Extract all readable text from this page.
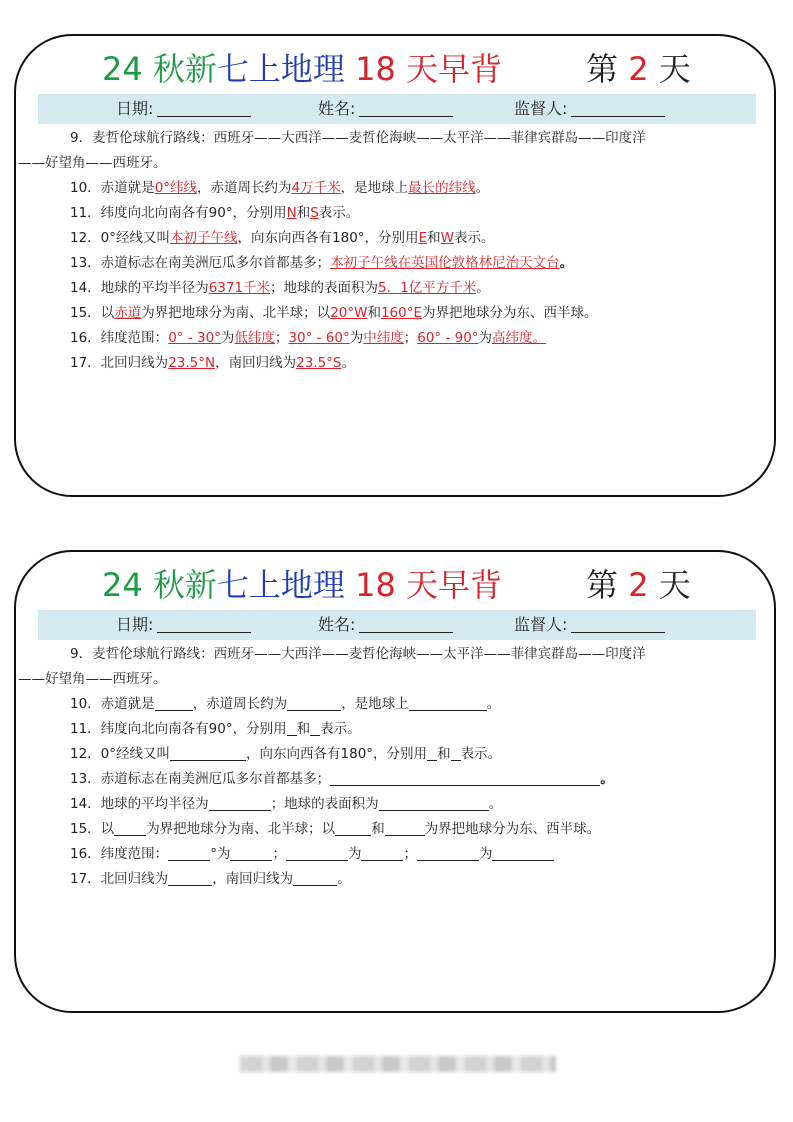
24 秋新七上地理 18 天早背	第 2 天
日期:	姓名:	监督人:
9．麦哲伦球航行路线：西班牙——大西洋——麦哲伦海峡——太平洋——菲律宾群岛——印度洋
——好望角——西班牙。
10．赤道就是0°纬线，赤道周长约为4万千米，是地球上最长的纬线。
11．纬度向北向南各有90°，分别用N和S表示。
12．0°经线又叫本初子午线，向东向西各有180°，分别用E和W表示。
13．赤道标志在南美洲厄瓜多尔首都基多；本初子午线在英国伦敦格林尼治天文台。
14．地球的平均半径为6371千米；地球的表面积为5．1亿平方千米。
15．以赤道为界把地球分为南、北半球；以20°W和160°E为界把地球分为东、西半球。
16．纬度范围：0° - 30°为低纬度；30° - 60°为中纬度；60° - 90°为高纬度。
17．北回归线为23.5°N，南回归线为23.5°S。
24 秋新七上地理 18 天早背	第 2 天
日期:	姓名:	监督人:
9．麦哲伦球航行路线：西班牙——大西洋——麦哲伦海峡——太平洋——菲律宾群岛——印度洋
——好望角——西班牙。
10．赤道就是	，赤道周长约为	，是地球上	。
11．纬度向北向南各有90°，分别用 和 表示。
12．0°经线又叫	，向东向西各有180°，分别用 和 表示。
13．赤道标志在南美洲厄瓜多尔首都基多；	。
14．地球的平均半径为	；地球的表面积为	。
15．以 为界把地球分为南、北半球；以	和	为界把地球分为东、西半球。
16．纬度范围：	°为	；	为	；	为
17．北回归线为	，南回归线为	。
